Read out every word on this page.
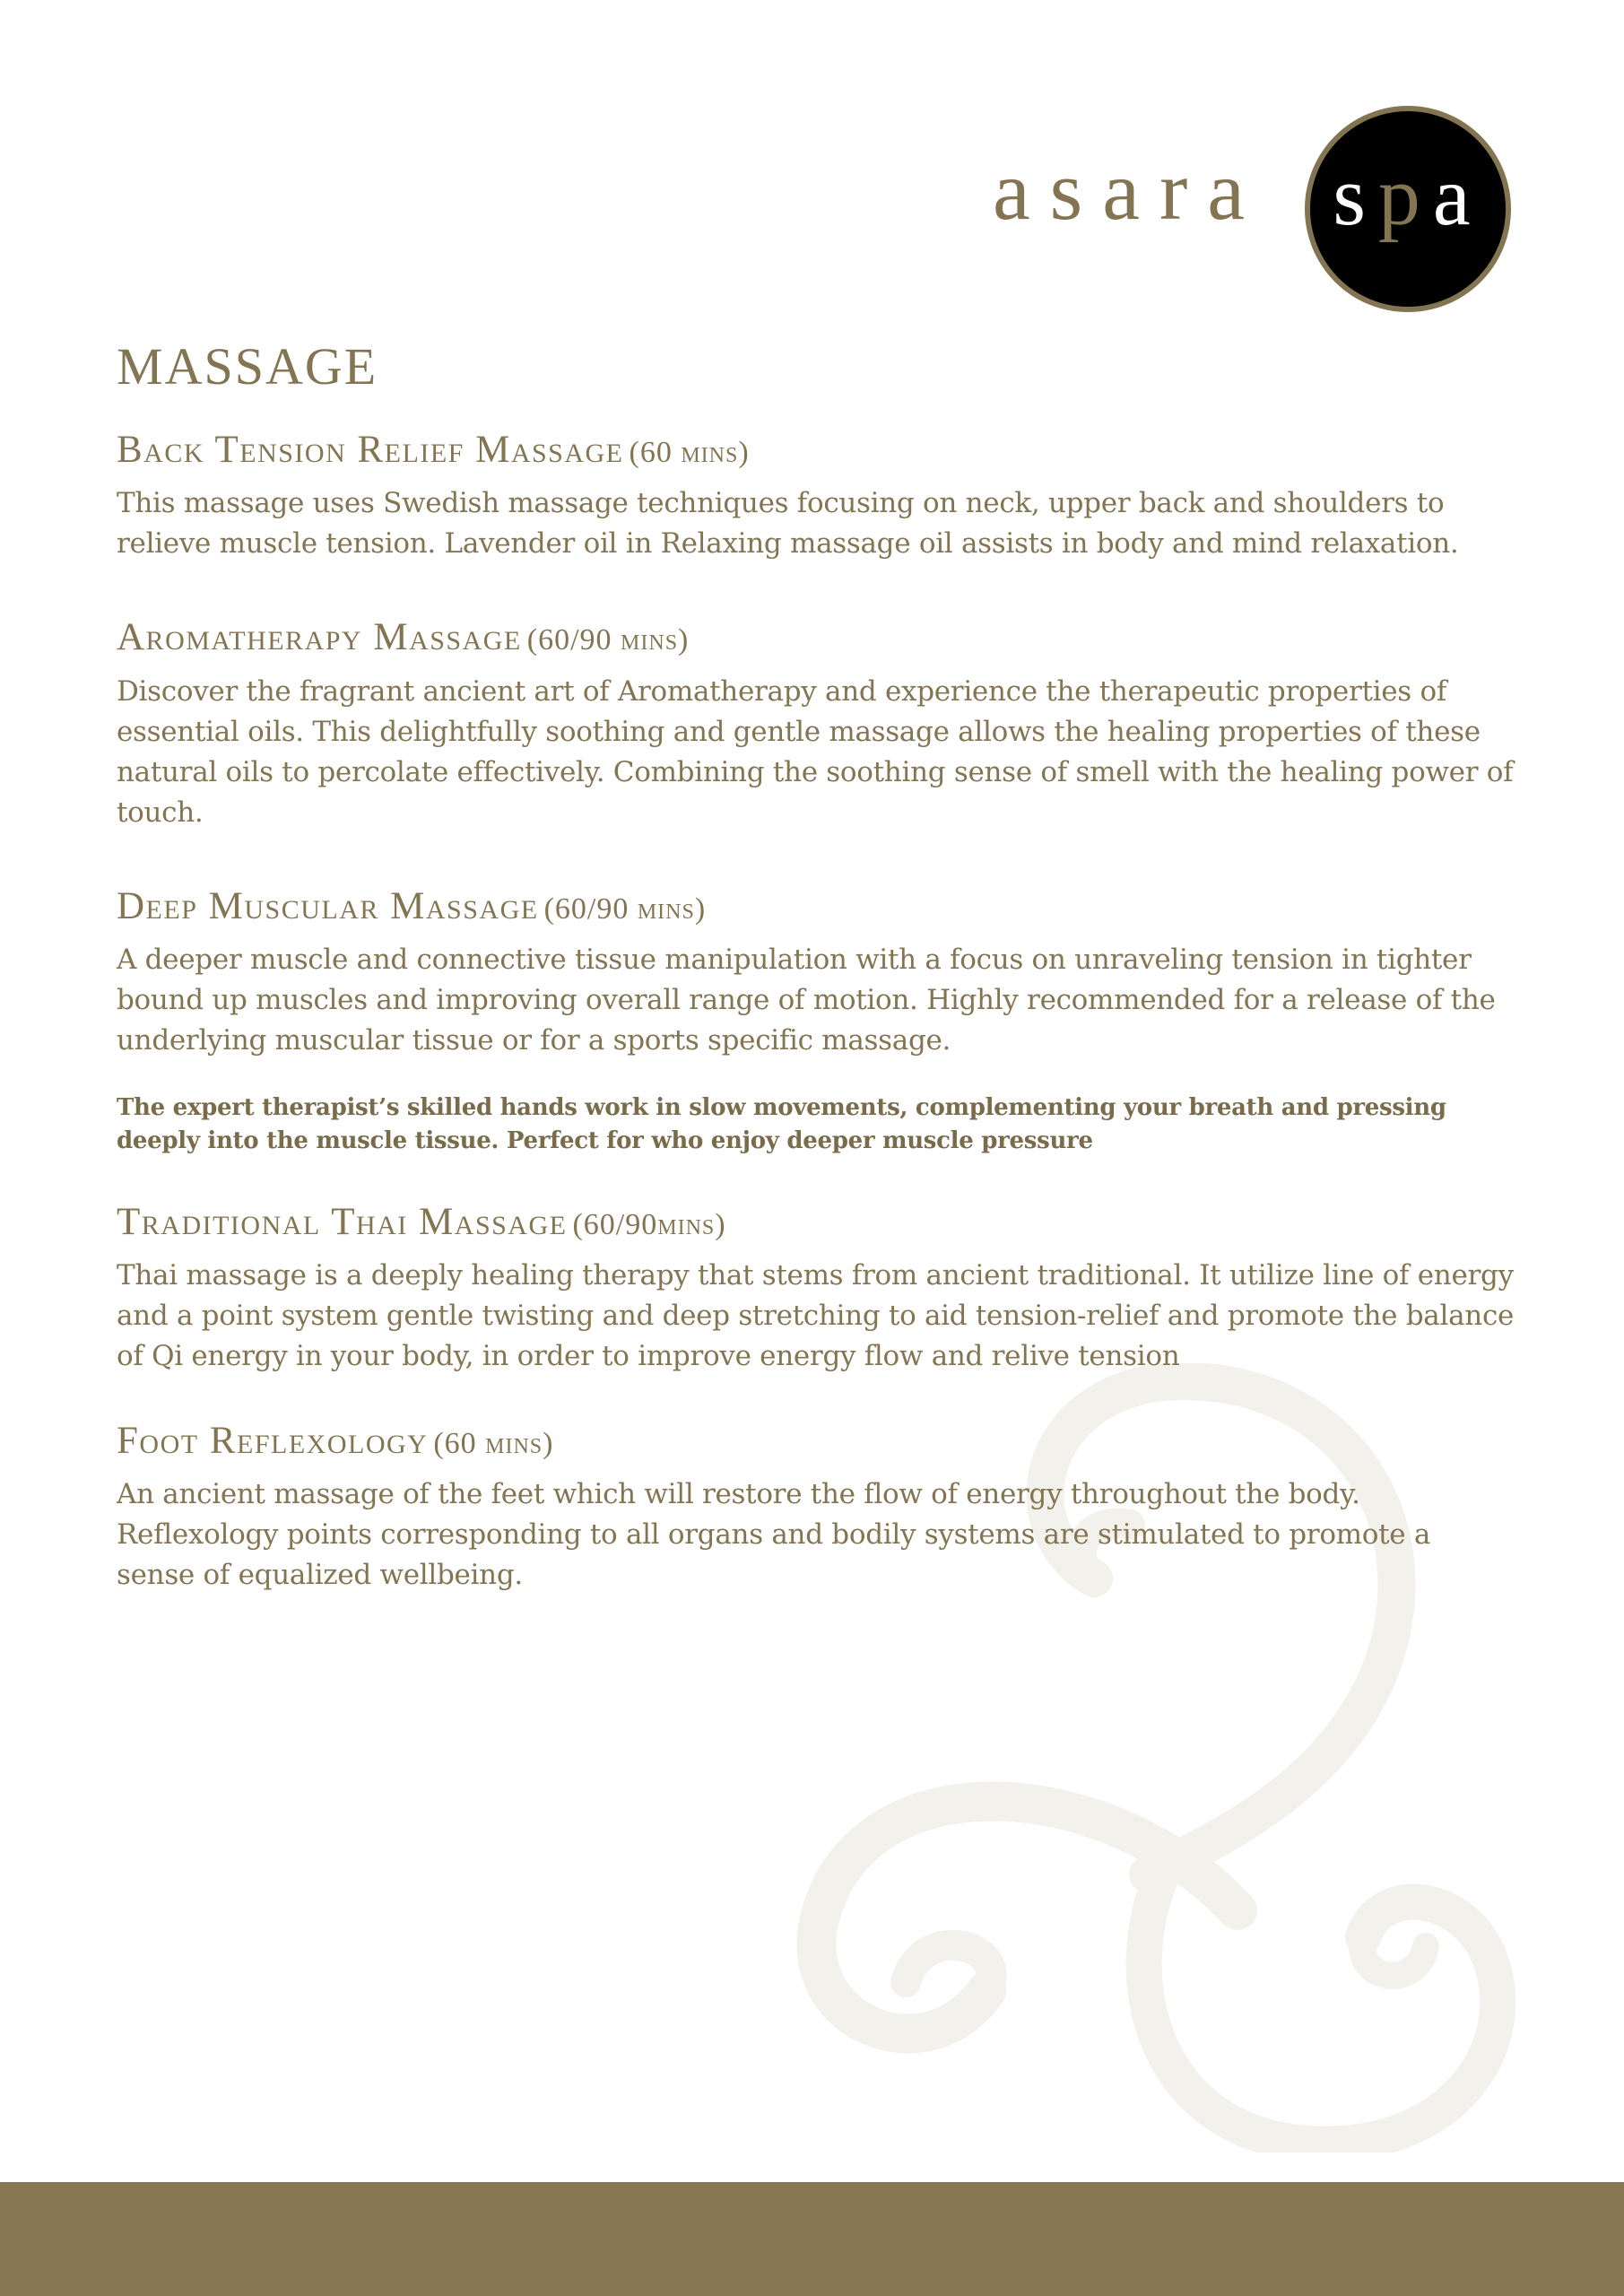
asara spa
MASSAGE
Back Tension Relief Massage (60 mins)

This massage uses Swedish massage techniques focusing on neck, upper back and shoulders to relieve muscle tension. Lavender oil in Relaxing massage oil assists in body and mind relaxation.

Aromatherapy Massage (60/90 mins)

Discover the fragrant ancient art of Aromatherapy and experience the therapeutic properties of essential oils. This delightfully soothing and gentle massage allows the healing properties of these natural oils to percolate effectively. Combining the soothing sense of smell with the healing power of touch.

Deep Muscular Massage (60/90 mins)

A deeper muscle and connective tissue manipulation with a focus on unraveling tension in tighter bound up muscles and improving overall range of motion. Highly recommended for a release of the underlying muscular tissue or for a sports specific massage.

The expert therapist’s skilled hands work in slow movements, complementing your breath and pressing deeply into the muscle tissue. Perfect for who enjoy deeper muscle pressure

Traditional Thai Massage (60/90mins)

Thai massage is a deeply healing therapy that stems from ancient traditional. It utilize line of energy and a point system gentle twisting and deep stretching to aid tension-relief and promote the balance of Qi energy in your body, in order to improve energy flow and relive tension

Foot Reflexology (60 mins)

An ancient massage of the feet which will restore the flow of energy throughout the body. Reflexology points corresponding to all organs and bodily systems are stimulated to promote a sense of equalized wellbeing.
